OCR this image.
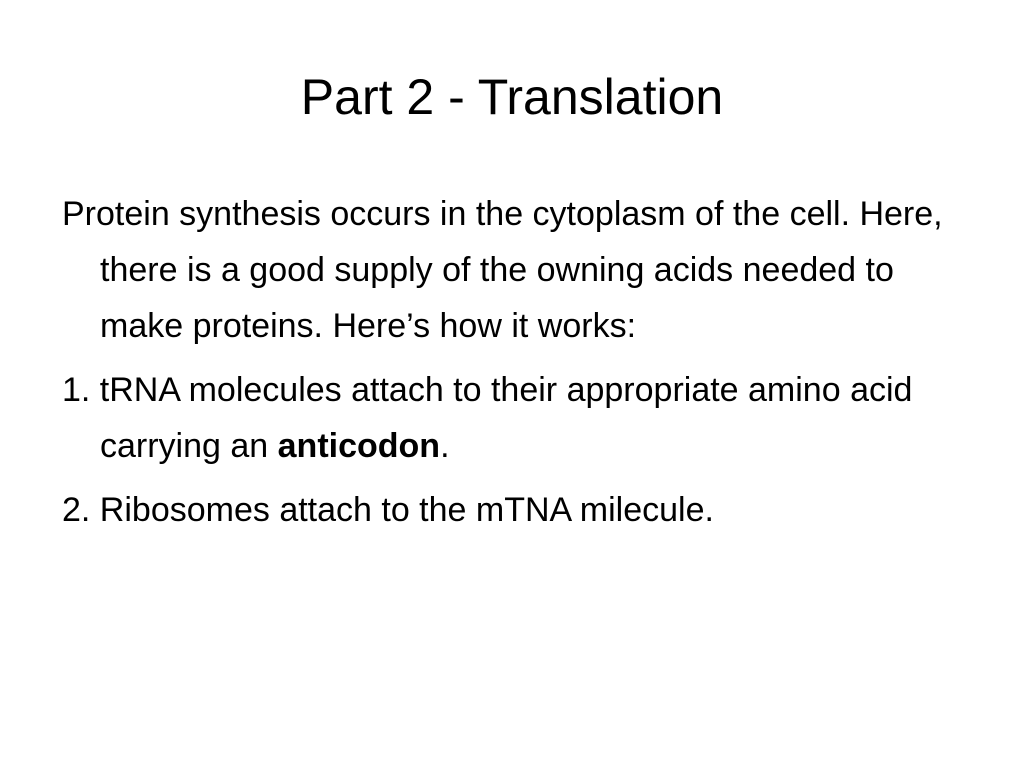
Part 2 - Translation

Protein synthesis occurs in the cytoplasm of the cell. Here, there is a good supply of the owning acids needed to make proteins. Here’s how it works:

1. tRNA molecules attach to their appropriate amino acid carrying an anticodon.

2. Ribosomes attach to the mTNA milecule.
